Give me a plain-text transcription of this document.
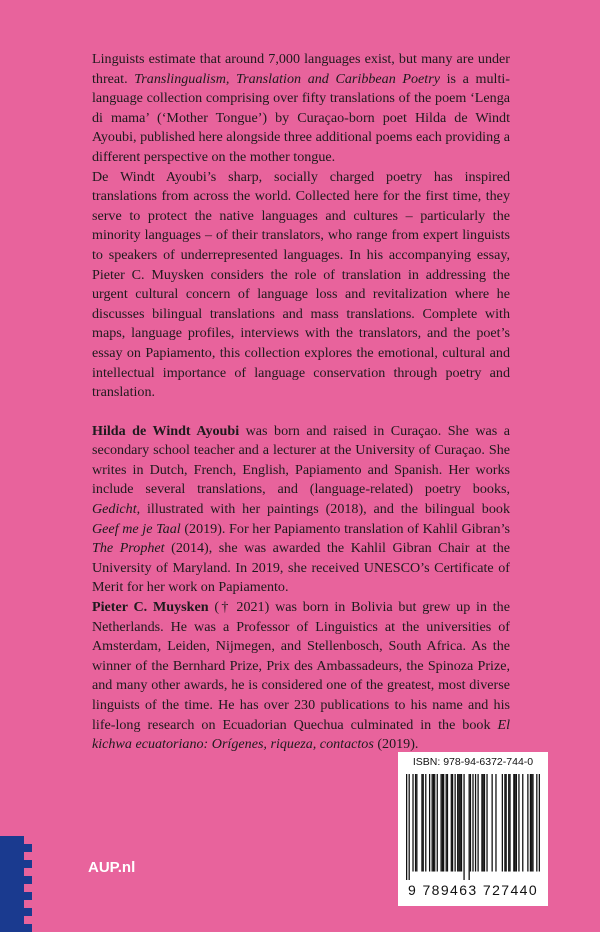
Linguists estimate that around 7,000 languages exist, but many are under threat. Translingualism, Translation and Caribbean Poetry is a multi-language collection comprising over fifty translations of the poem ‘Lenga di mama’ (‘Mother Tongue’) by Curaçao-born poet Hilda de Windt Ayoubi, published here alongside three additional poems each providing a different perspective on the mother tongue.

De Windt Ayoubi’s sharp, socially charged poetry has inspired translations from across the world. Collected here for the first time, they serve to protect the native languages and cultures – particularly the minority languages – of their translators, who range from expert linguists to speakers of underrepresented languages. In his accompanying essay, Pieter C. Muysken considers the role of translation in addressing the urgent cultural concern of language loss and revitalization where he discusses bilingual translations and mass translations. Complete with maps, language profiles, interviews with the translators, and the poet’s essay on Papiamento, this collection explores the emotional, cultural and intellectual importance of language conservation through poetry and translation.

Hilda de Windt Ayoubi was born and raised in Curaçao. She was a secondary school teacher and a lecturer at the University of Curaçao. She writes in Dutch, French, English, Papiamento and Spanish. Her works include several translations, and (language-related) poetry books, Gedicht, illustrated with her paintings (2018), and the bilingual book Geef me je Taal (2019). For her Papiamento translation of Kahlil Gibran’s The Prophet (2014), she was awarded the Kahlil Gibran Chair at the University of Maryland. In 2019, she received UNESCO’s Certificate of Merit for her work on Papiamento.

Pieter C. Muysken († 2021) was born in Bolivia but grew up in the Netherlands. He was a Professor of Linguistics at the universities of Amsterdam, Leiden, Nijmegen, and Stellenbosch, South Africa. As the winner of the Bernhard Prize, Prix des Ambassadeurs, the Spinoza Prize, and many other awards, he is considered one of the greatest, most diverse linguists of the time. He has over 230 publications to his name and his life-long research on Ecuadorian Quechua culminated in the book El kichwa ecuatoriano: Orígenes, riqueza, contactos (2019).

ISBN: 978-94-6372-744-0
9 789463 727440
AUP.nl
